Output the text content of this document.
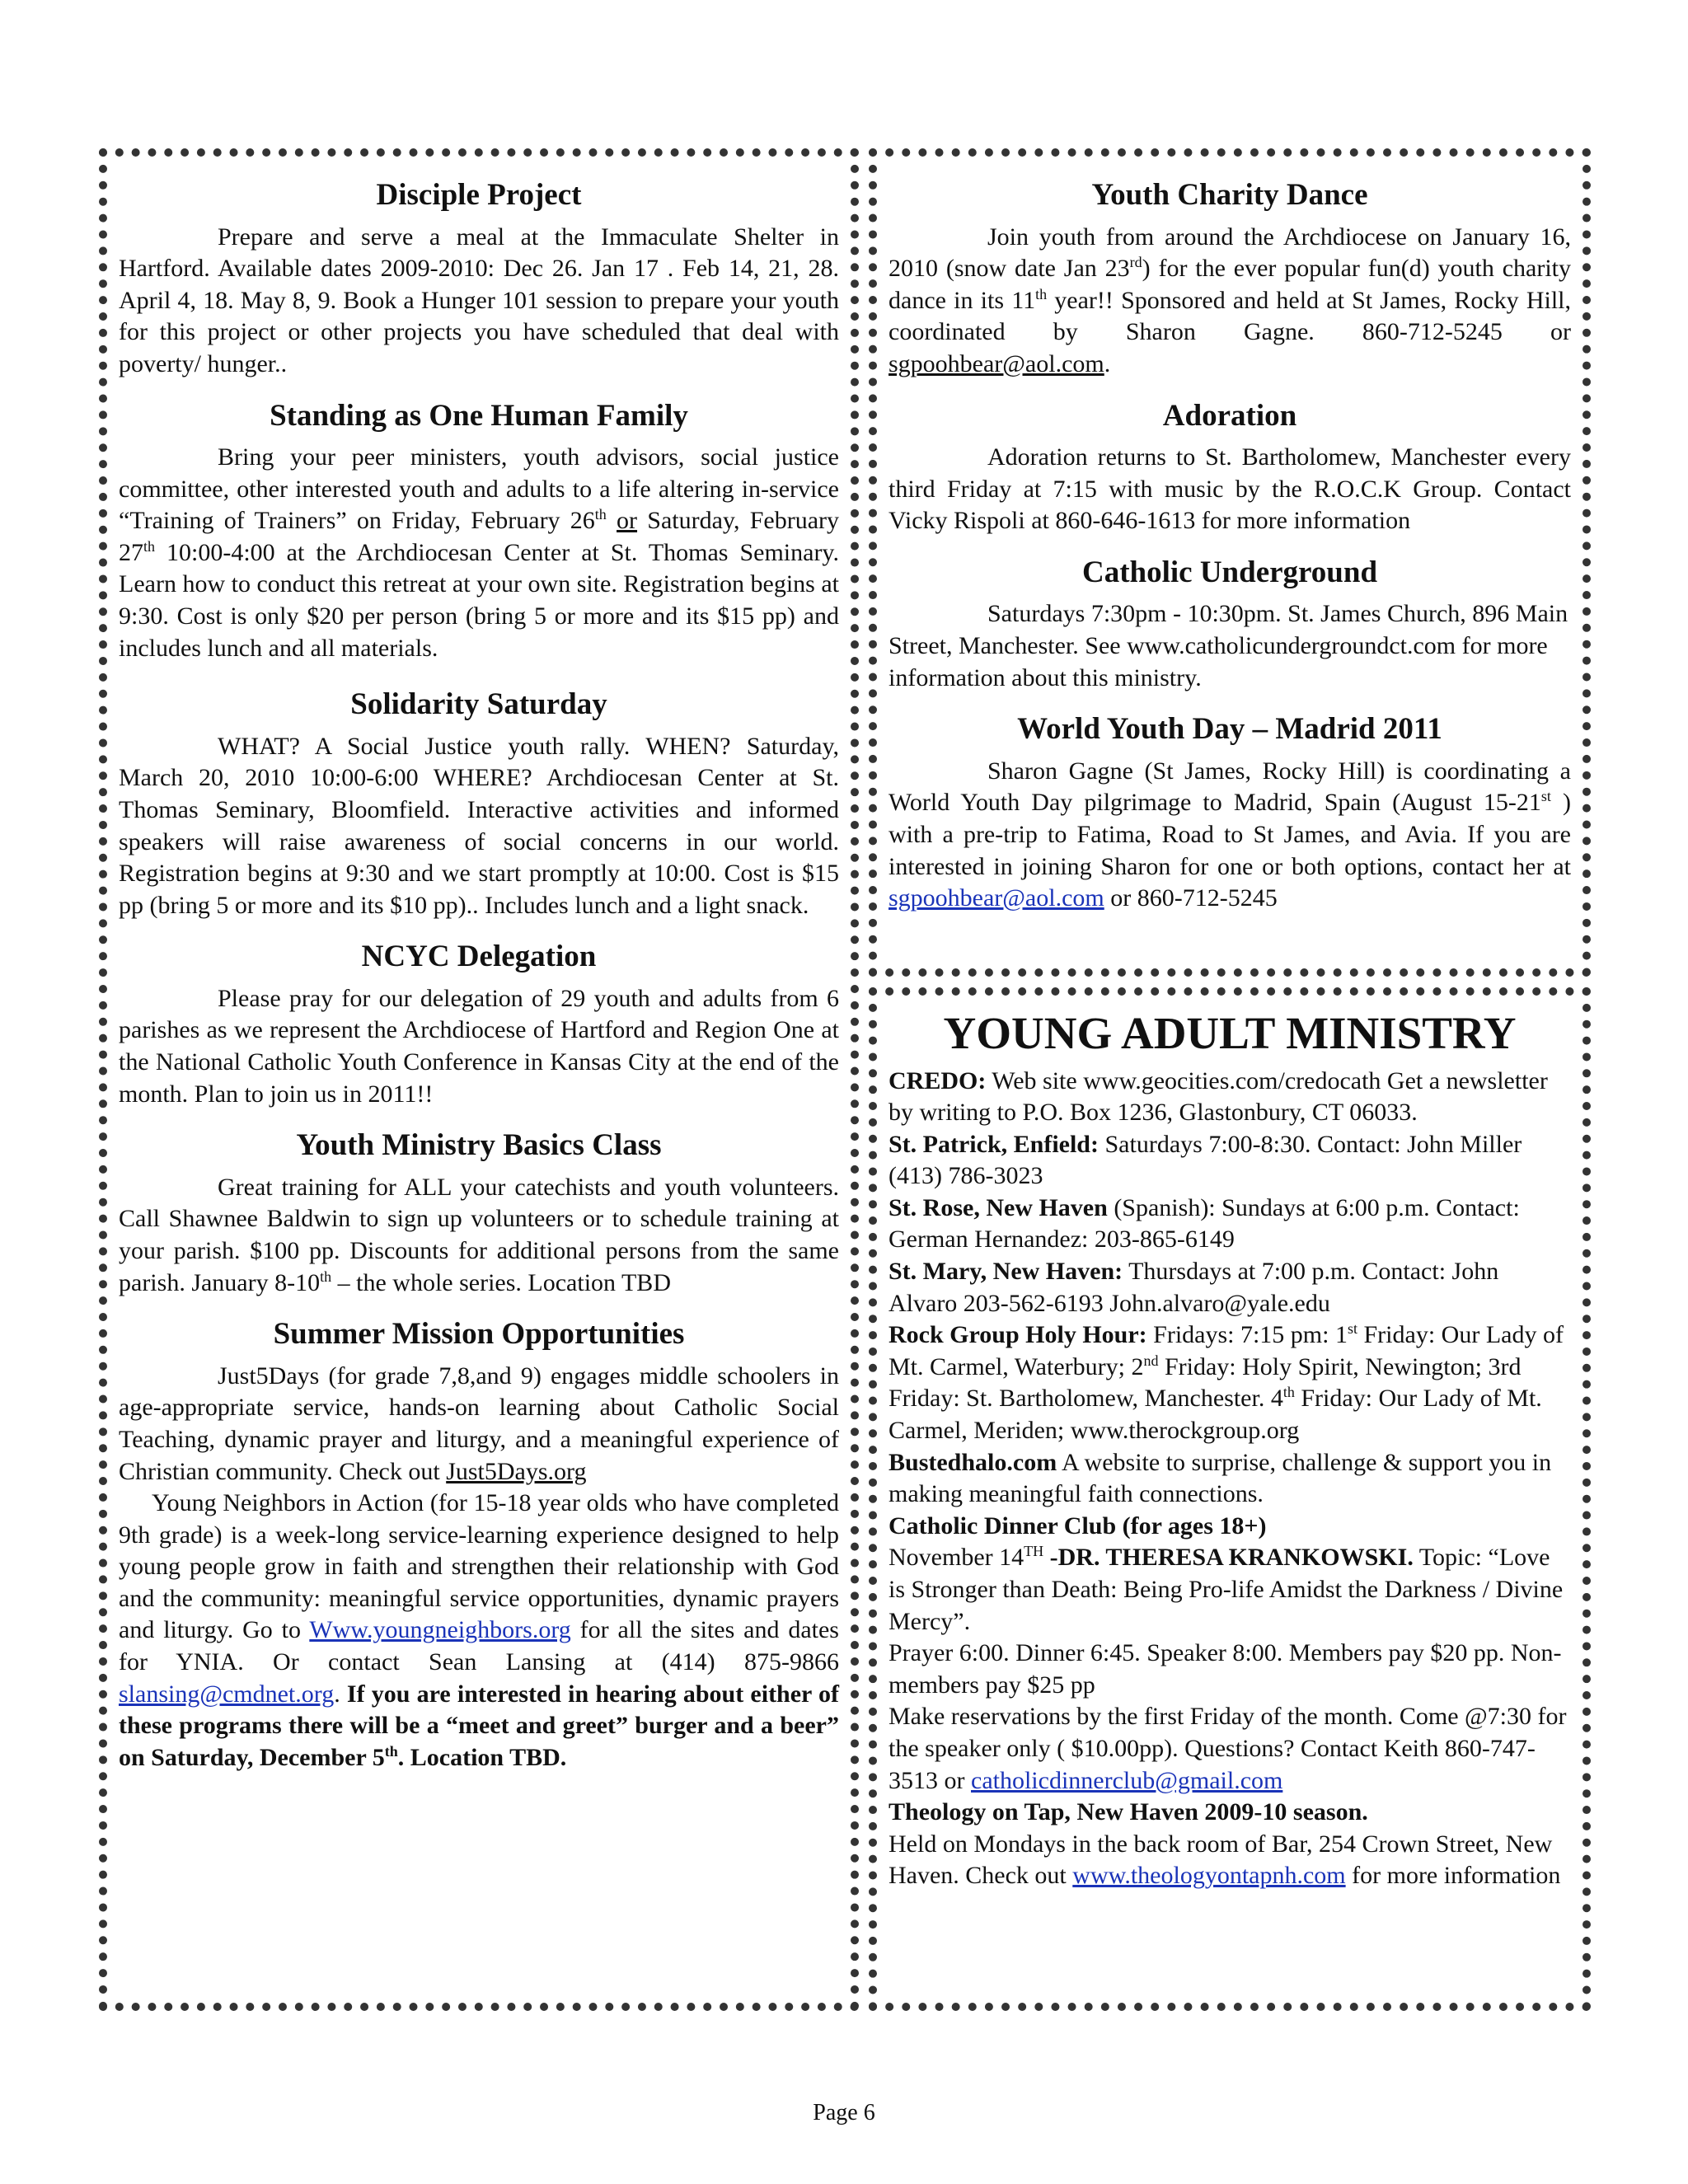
Disciple Project

Prepare and serve a meal at the Immaculate Shelter in Hartford. Available dates 2009-2010: Dec 26. Jan 17 . Feb 14, 21, 28. April 4, 18. May 8, 9. Book a Hunger 101 session to prepare your youth for this project or other projects you have scheduled that deal with poverty/ hunger..

Standing as One Human Family

Bring your peer ministers, youth advisors, social justice committee, other interested youth and adults to a life altering in-service “Training of Trainers” on Friday, February 26th or Saturday, February 27th 10:00-4:00 at the Archdiocesan Center at St. Thomas Seminary. Learn how to conduct this retreat at your own site. Registration begins at 9:30. Cost is only $20 per person (bring 5 or more and its $15 pp) and includes lunch and all materials.

Solidarity Saturday

WHAT? A Social Justice youth rally. WHEN? Saturday, March 20, 2010 10:00-6:00 WHERE? Archdiocesan Center at St. Thomas Seminary, Bloomfield. Interactive activities and informed speakers will raise awareness of social concerns in our world. Registration begins at 9:30 and we start promptly at 10:00. Cost is $15 pp (bring 5 or more and its $10 pp).. Includes lunch and a light snack.

NCYC Delegation

Please pray for our delegation of 29 youth and adults from 6 parishes as we represent the Archdiocese of Hartford and Region One at the National Catholic Youth Conference in Kansas City at the end of the month. Plan to join us in 2011!!

Youth Ministry Basics Class

Great training for ALL your catechists and youth volunteers. Call Shawnee Baldwin to sign up volunteers or to schedule training at your parish. $100 pp. Discounts for additional persons from the same parish. January 8-10th – the whole series. Location TBD

Summer Mission Opportunities

Just5Days (for grade 7,8,and 9) engages middle schoolers in age-appropriate service, hands-on learning about Catholic Social Teaching, dynamic prayer and liturgy, and a meaningful experience of Christian community. Check out Just5Days.org

Young Neighbors in Action (for 15-18 year olds who have completed 9th grade) is a week-long service-learning experience designed to help young people grow in faith and strengthen their relationship with God and the community: meaningful service opportunities, dynamic prayers and liturgy. Go to Www.youngneighbors.org for all the sites and dates for YNIA. Or contact Sean Lansing at (414) 875-9866 slansing@cmdnet.org. If you are interested in hearing about either of these programs there will be a “meet and greet” burger and a beer” on Saturday, December 5th. Location TBD.

Youth Charity Dance

Join youth from around the Archdiocese on January 16, 2010 (snow date Jan 23rd) for the ever popular fun(d) youth charity dance in its 11th year!! Sponsored and held at St James, Rocky Hill, coordinated by Sharon Gagne. 860-712-5245 or sgpoohbear@aol.com.

Adoration

Adoration returns to St. Bartholomew, Manchester every third Friday at 7:15 with music by the R.O.C.K Group. Contact Vicky Rispoli at 860-646-1613 for more information

Catholic Underground

Saturdays 7:30pm - 10:30pm. St. James Church, 896 Main Street, Manchester. See www.catholicundergroundct.com for more information about this ministry.

World Youth Day – Madrid 2011

Sharon Gagne (St James, Rocky Hill) is coordinating a World Youth Day pilgrimage to Madrid, Spain (August 15-21st ) with a pre-trip to Fatima, Road to St James, and Avia. If you are interested in joining Sharon for one or both options, contact her at sgpoohbear@aol.com or 860-712-5245

YOUNG ADULT MINISTRY

CREDO: Web site www.geocities.com/credocath Get a newsletter by writing to P.O. Box 1236, Glastonbury, CT 06033.

St. Patrick, Enfield: Saturdays 7:00-8:30. Contact: John Miller (413) 786-3023

St. Rose, New Haven (Spanish): Sundays at 6:00 p.m. Contact: German Hernandez: 203-865-6149

St. Mary, New Haven: Thursdays at 7:00 p.m. Contact: John Alvaro 203-562-6193 John.alvaro@yale.edu

Rock Group Holy Hour: Fridays: 7:15 pm: 1st Friday: Our Lady of Mt. Carmel, Waterbury; 2nd Friday: Holy Spirit, Newington; 3rd Friday: St. Bartholomew, Manchester. 4th Friday: Our Lady of Mt. Carmel, Meriden; www.therockgroup.org

Bustedhalo.com A website to surprise, challenge & support you in making meaningful faith connections.

Catholic Dinner Club (for ages 18+)

November 14TH -DR. THERESA KRANKOWSKI. Topic: “Love is Stronger than Death: Being Pro-life Amidst the Darkness / Divine Mercy”.

Prayer 6:00. Dinner 6:45. Speaker 8:00. Members pay $20 pp. Non-members pay $25 pp

Make reservations by the first Friday of the month. Come @7:30 for the speaker only ( $10.00pp). Questions? Contact Keith 860-747-3513 or catholicdinnerclub@gmail.com

Theology on Tap, New Haven 2009-10 season.

Held on Mondays in the back room of Bar, 254 Crown Street, New Haven. Check out www.theologyontapnh.com for more information

Page 6
